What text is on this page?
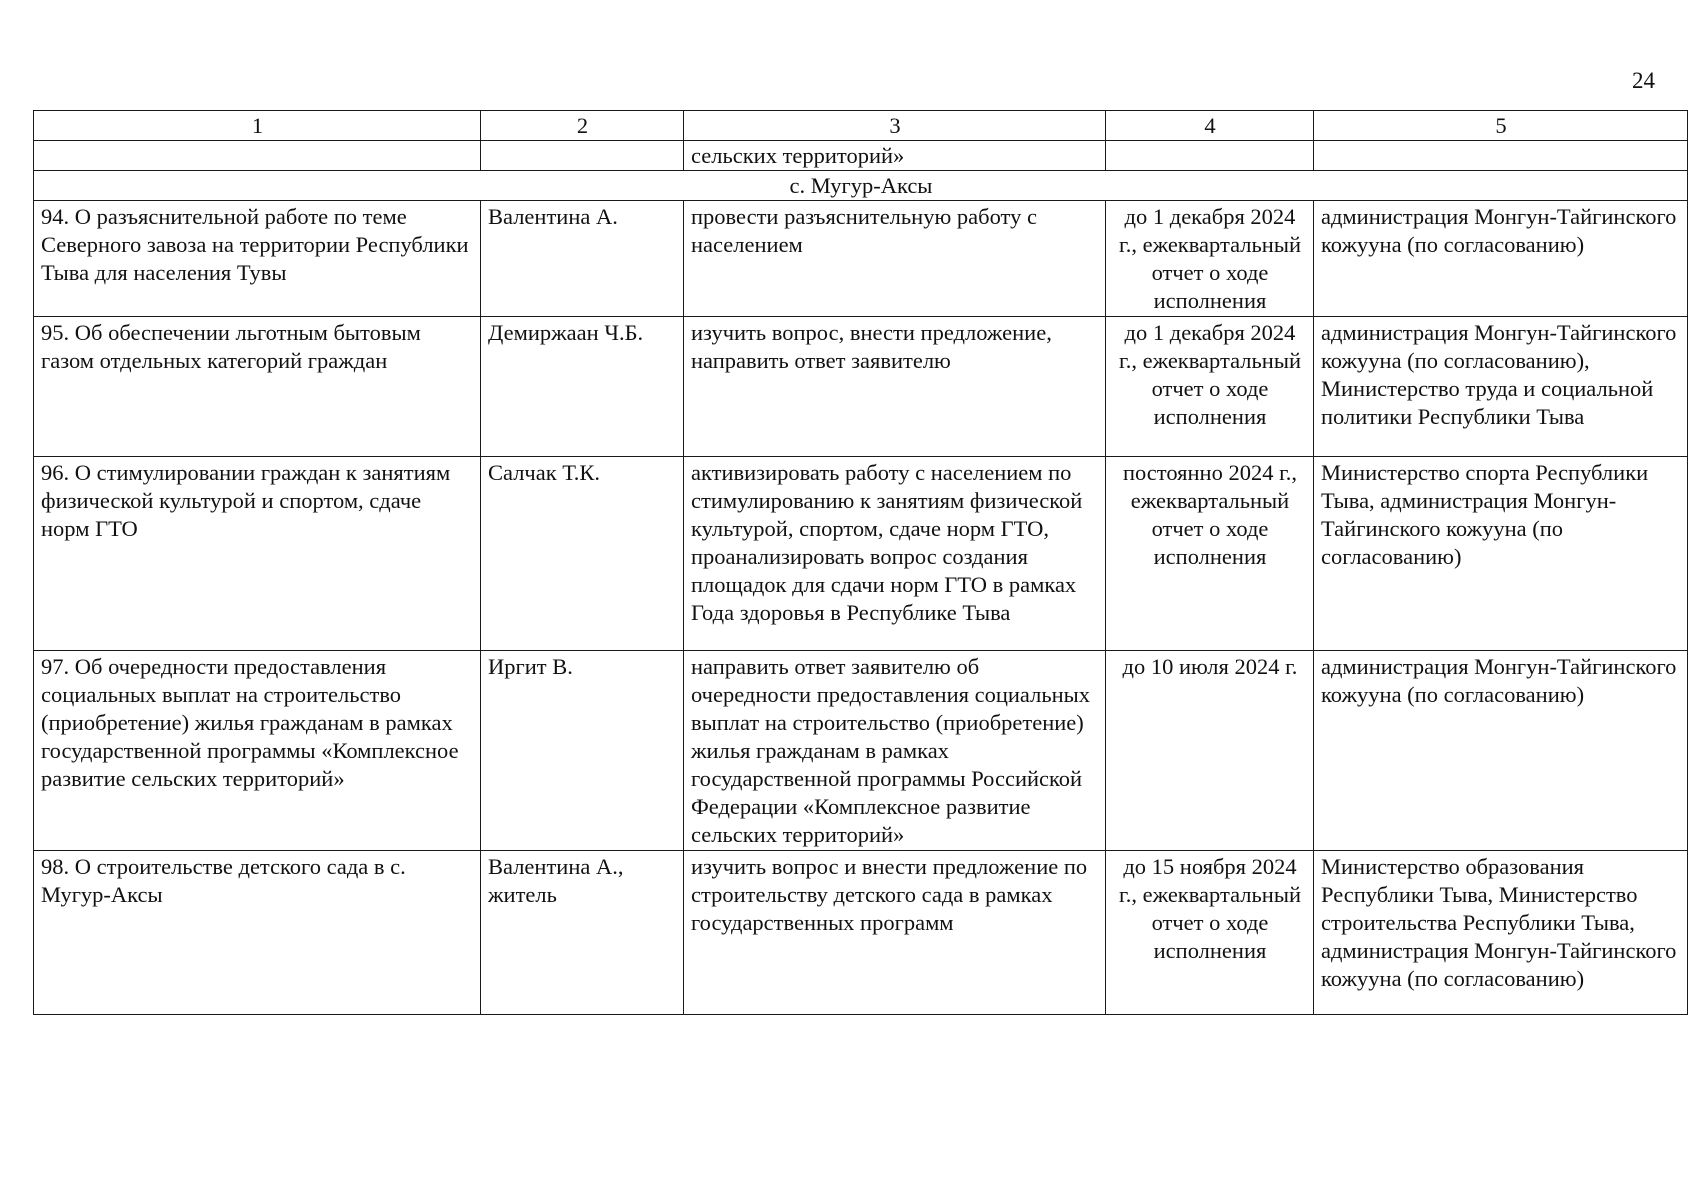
24
1	2	3	4	5
		сельских территорий»		
с. Мугур-Аксы				
94. О разъяснительной работе по теме Северного завоза на территории Республики Тыва для населения Тувы	Валентина А.	провести разъяснительную работу с населением	до 1 декабря 2024 г., ежеквартальный отчет о ходе исполнения	администрация Монгун-Тайгинского кожууна (по согласованию)
95. Об обеспечении льготным бытовым газом отдельных категорий граждан	Демиржаан Ч.Б.	изучить вопрос, внести предложение, направить ответ заявителю	до 1 декабря 2024 г., ежеквартальный отчет о ходе исполнения	администрация Монгун-Тайгинского кожууна (по согласованию), Министерство труда и социальной политики Республики Тыва
96. О стимулировании граждан к занятиям физической культурой и спортом, сдаче норм ГТО	Салчак Т.К.	активизировать работу с населением по стимулированию к занятиям физической культурой, спортом, сдаче норм ГТО, проанализировать вопрос создания площадок для сдачи норм ГТО в рамках Года здоровья в Республике Тыва	постоянно 2024 г., ежеквартальный отчет о ходе исполнения	Министерство спорта Республики Тыва, администрация Монгун-Тайгинского кожууна (по согласованию)
97. Об очередности предоставления социальных выплат на строительство (приобретение) жилья гражданам в рамках государственной программы «Комплексное развитие сельских территорий»	Иргит В.	направить ответ заявителю об очередности предоставления социальных выплат на строительство (приобретение) жилья гражданам в рамках государственной программы Российской Федерации «Комплексное развитие сельских территорий»	до 10 июля 2024 г.	администрация Монгун-Тайгинского кожууна (по согласованию)
98. О строительстве детского сада в с. Мугур-Аксы	Валентина А., житель	изучить вопрос и внести предложение по строительству детского сада в рамках государственных программ	до 15 ноября 2024 г., ежеквартальный отчет о ходе исполнения	Министерство образования Республики Тыва, Министерство строительства Республики Тыва, администрация Монгун-Тайгинского кожууна (по согласованию)
